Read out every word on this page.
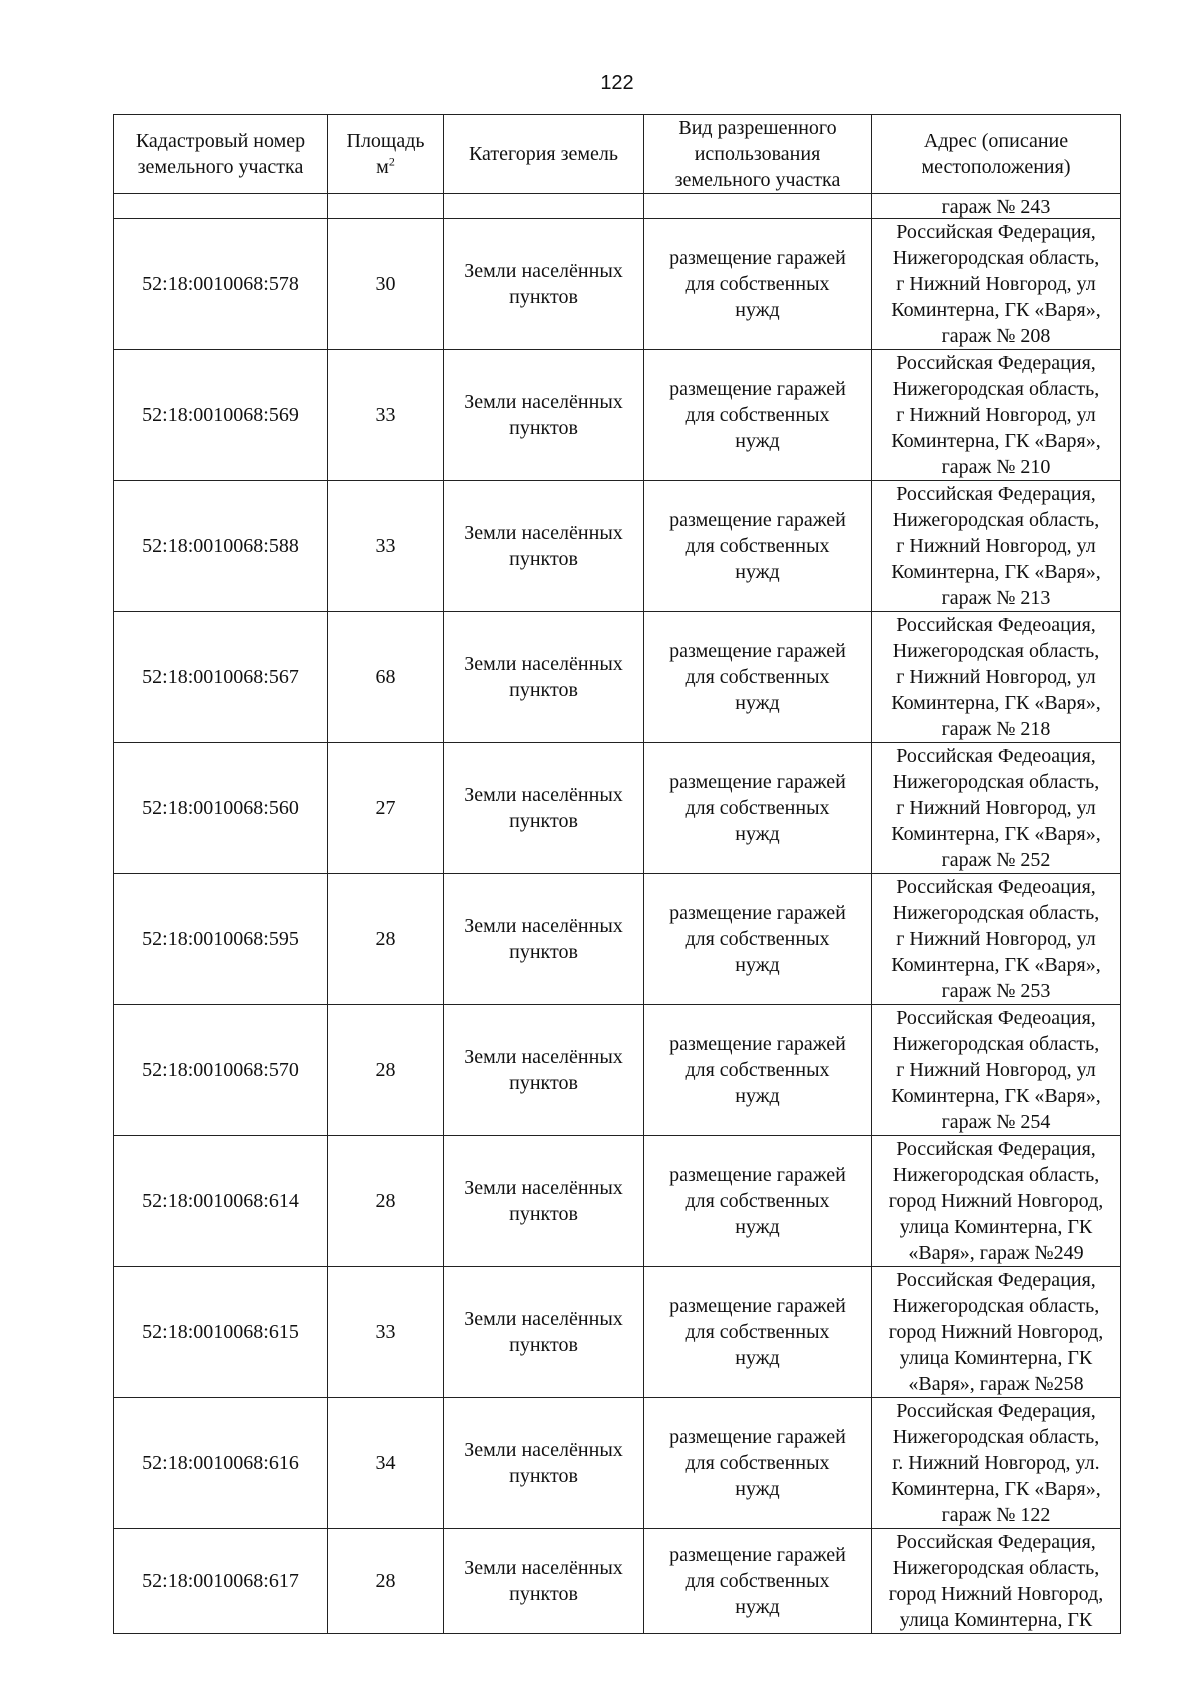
122
Кадастровый номер
земельного участка	Площадь
$м^2$	Категория земель	Вид разрешенного
использования
земельного участка	Адрес (описание
местоположения)

				гараж № 243
52:18:0010068:578	30	Земли населённых
пунктов	размещение гаражей
для собственных
нужд	Российская Федерация,
Нижегородская область,
г Нижний Новгород, ул
Коминтерна, ГК «Варя»,
гараж № 208

52:18:0010068:569	33	Земли населённых
пунктов	размещение гаражей
для собственных
нужд	Российская Федерация,
Нижегородская область,
г Нижний Новгород, ул
Коминтерна, ГК «Варя»,
гараж № 210

52:18:0010068:588	33	Земли населённых
пунктов	размещение гаражей
для собственных
нужд	Российская Федерация,
Нижегородская область,
г Нижний Новгород, ул
Коминтерна, ГК «Варя»,
гараж № 213

52:18:0010068:567	68	Земли населённых
пунктов	размещение гаражей
для собственных
нужд	Российская Федеоация,
Нижегородская область,
г Нижний Новгород, ул
Коминтерна, ГК «Варя»,
гараж № 218

52:18:0010068:560	27	Земли населённых
пунктов	размещение гаражей
для собственных
нужд	Российская Федеоация,
Нижегородская область,
г Нижний Новгород, ул
Коминтерна, ГК «Варя»,
гараж № 252

52:18:0010068:595	28	Земли населённых
пунктов	размещение гаражей
для собственных
нужд	Российская Федеоация,
Нижегородская область,
г Нижний Новгород, ул
Коминтерна, ГК «Варя»,
гараж № 253

52:18:0010068:570	28	Земли населённых
пунктов	размещение гаражей
для собственных
нужд	Российская Федеоация,
Нижегородская область,
г Нижний Новгород, ул
Коминтерна, ГК «Варя»,
гараж № 254

52:18:0010068:614	28	Земли населённых
пунктов	размещение гаражей
для собственных
нужд	Российская Федерация,
Нижегородская область,
город Нижний Новгород,
улица Коминтерна, ГК
«Варя», гараж №249

52:18:0010068:615	33	Земли населённых
пунктов	размещение гаражей
для собственных
нужд	Российская Федерация,
Нижегородская область,
город Нижний Новгород,
улица Коминтерна, ГК
«Варя», гараж №258

52:18:0010068:616	34	Земли населённых
пунктов	размещение гаражей
для собственных
нужд	Российская Федерация,
Нижегородская область,
г. Нижний Новгород, ул.
Коминтерна, ГК «Варя»,
гараж № 122

52:18:0010068:617	28	Земли населённых
пунктов	размещение гаражей
для собственных
нужд	Российская Федерация,
Нижегородская область,
город Нижний Новгород,
улица Коминтерна, ГК
